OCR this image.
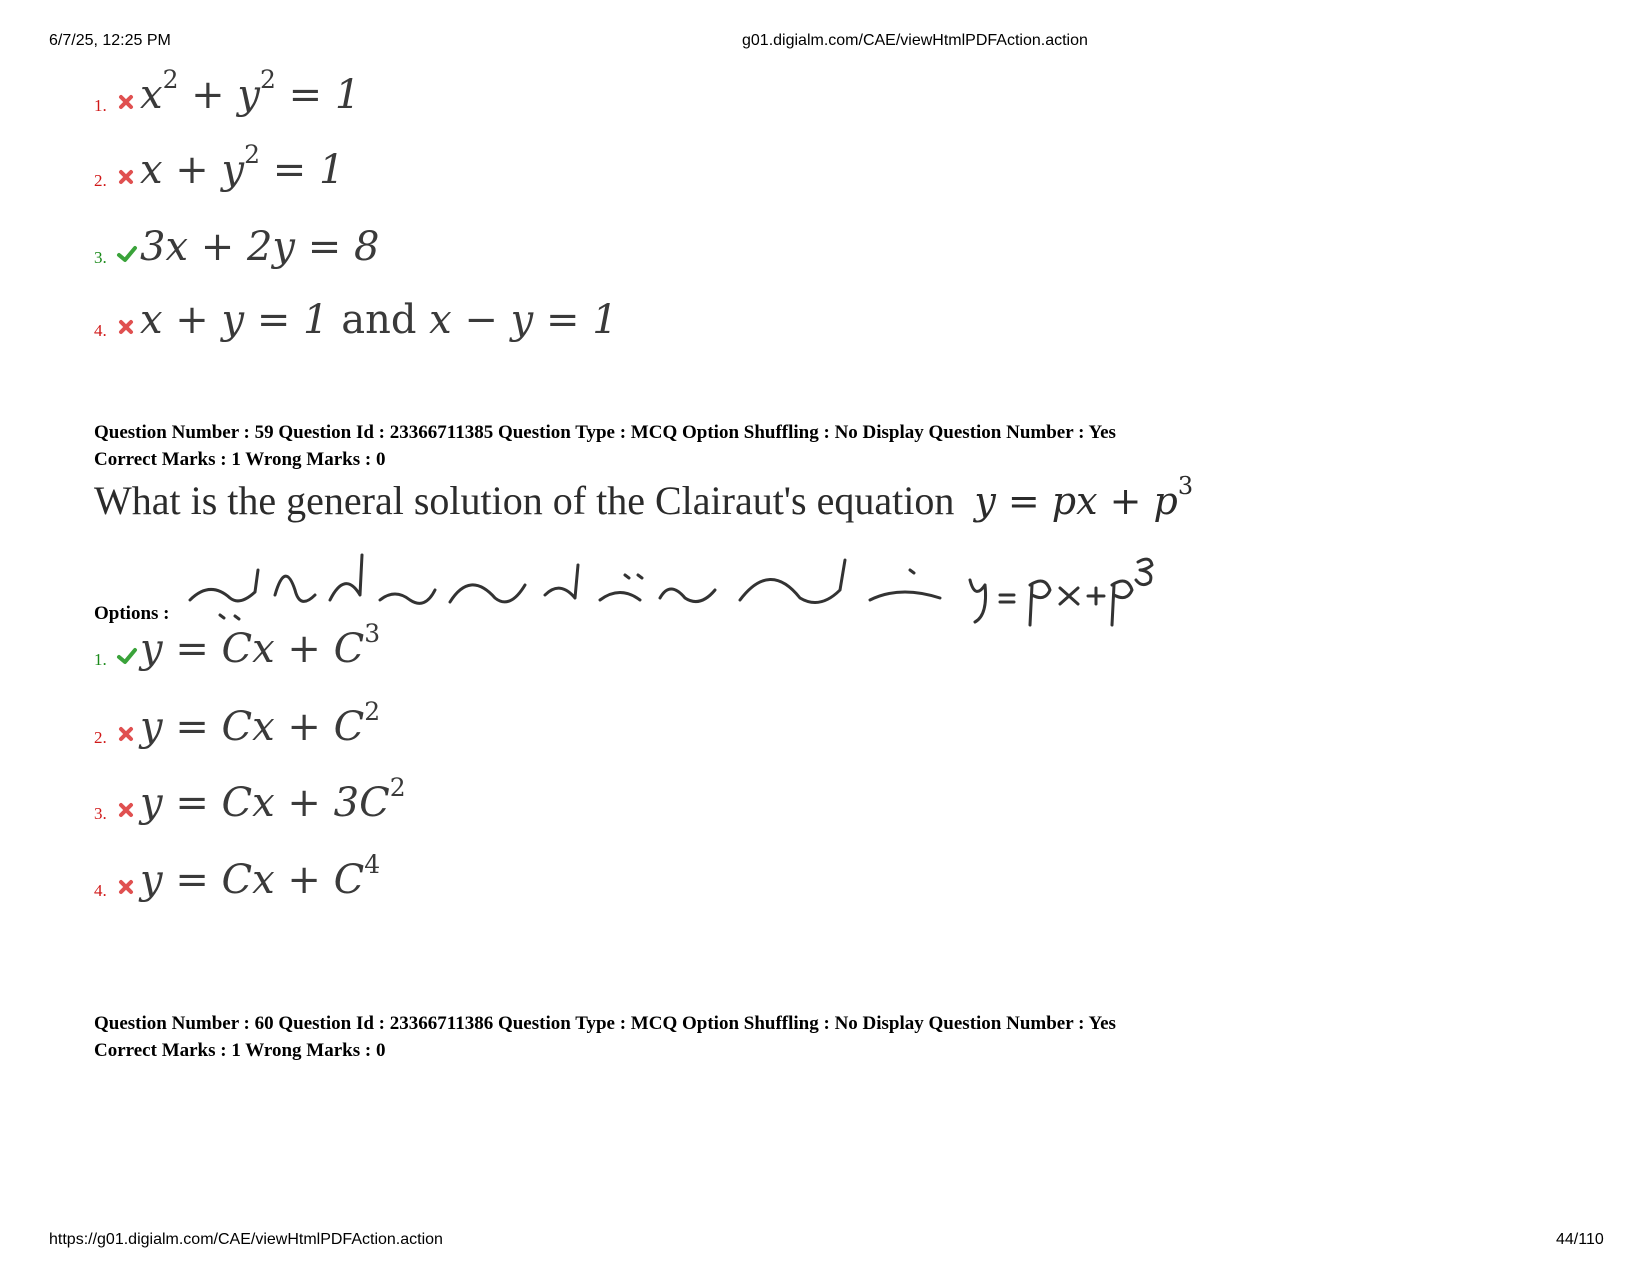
6/7/25, 12:25 PM	g01.digialm.com/CAE/viewHtmlPDFAction.action
https://g01.digialm.com/CAE/viewHtmlPDFAction.action	44/110
1. $x^2 + y^2 = 1$
2. $x + y^2 = 1$
3. 3x + 2y = 8
4. x + y = 1 and x − y = 1
Question Number : 59 Question Id : 23366711385 Question Type : MCQ Option Shuffling : No Display Question Number : Yes
Correct Marks : 1 Wrong Marks : 0
What is the general solution of the Clairaut's equation y = px + $p^3$
Options :
1. $y = Cx + C^3$
2. $y = Cx + C^2$
3. $y = Cx + 3C^2$
4. $y = Cx + C^4$
Question Number : 60 Question Id : 23366711386 Question Type : MCQ Option Shuffling : No Display Question Number : Yes
Correct Marks : 1 Wrong Marks : 0
